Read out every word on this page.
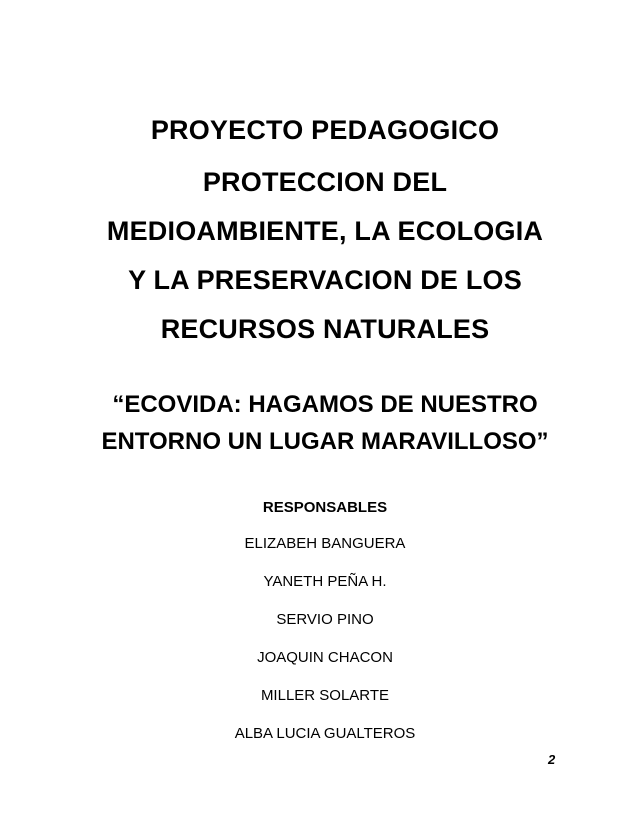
PROYECTO PEDAGOGICO
PROTECCION DEL
MEDIOAMBIENTE, LA ECOLOGIA
Y LA PRESERVACION DE LOS
RECURSOS NATURALES
“ECOVIDA: HAGAMOS DE NUESTRO
ENTORNO UN LUGAR MARAVILLOSO”
RESPONSABLES
ELIZABEH BANGUERA
YANETH PEÑA H.
SERVIO PINO
JOAQUIN CHACON
MILLER SOLARTE
ALBA LUCIA GUALTEROS
2
